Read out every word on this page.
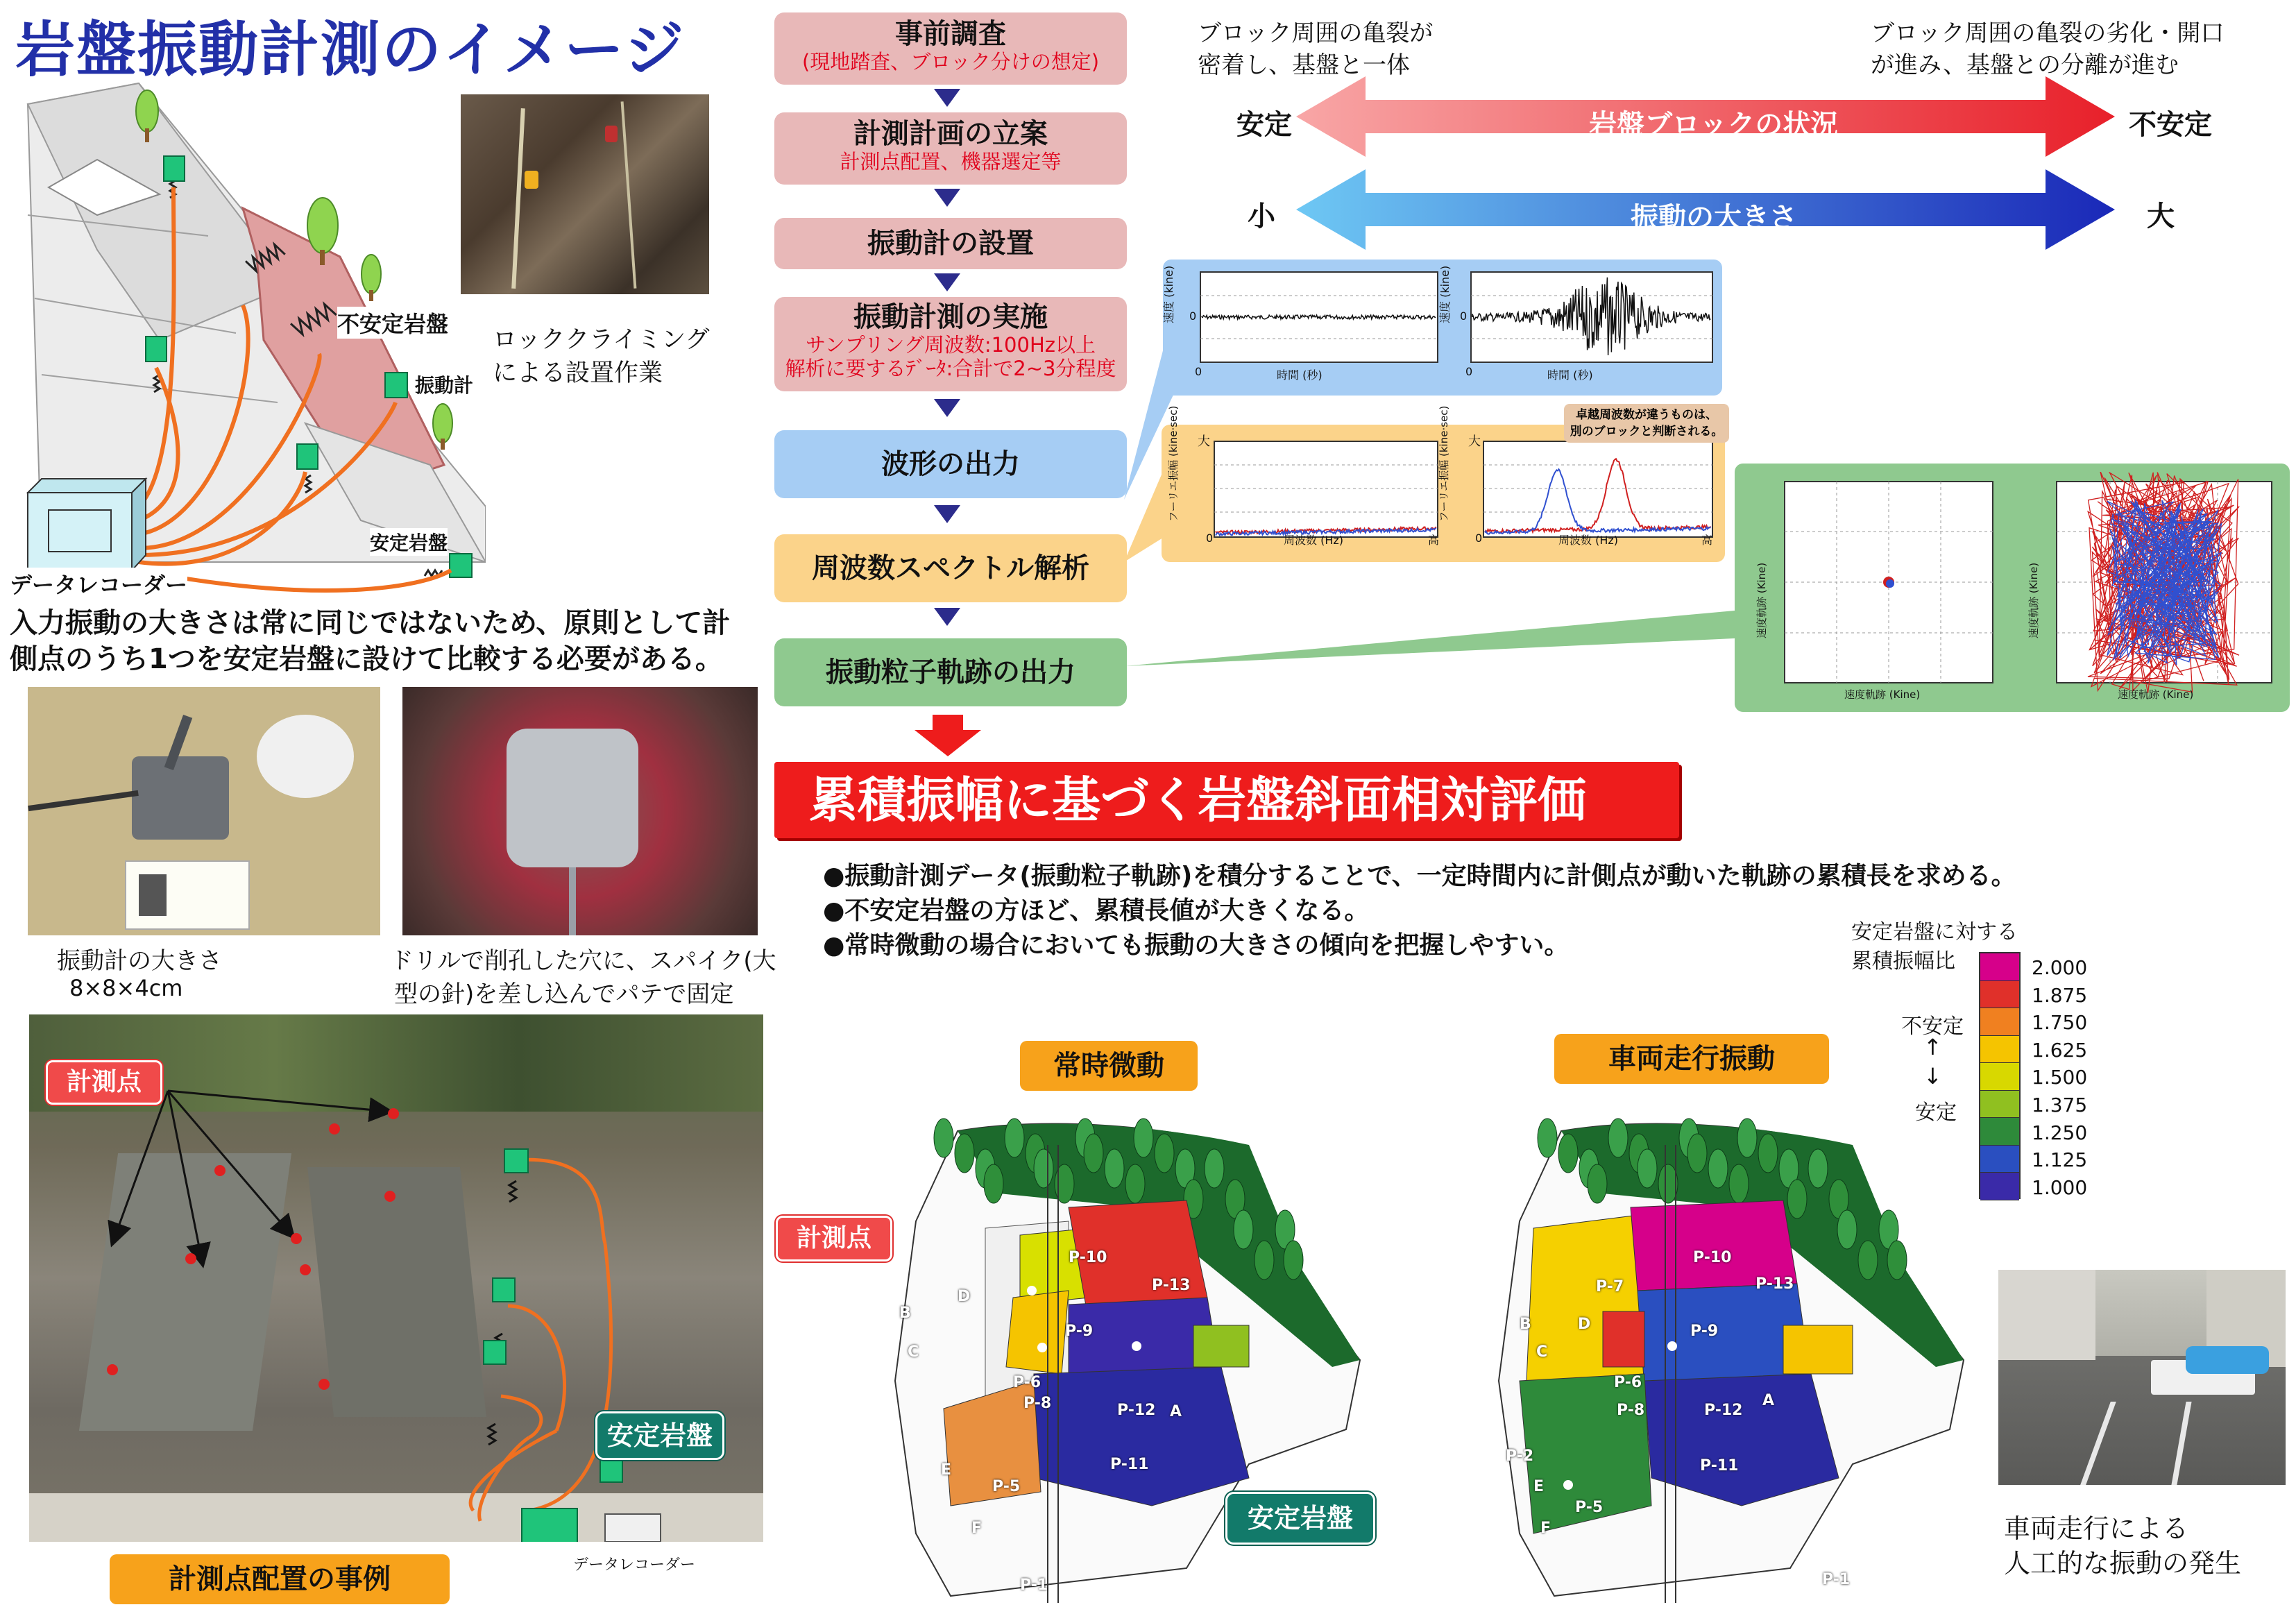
岩盤振動計測のイメージ
不安定岩盤
振動計
安定岩盤
データレコーダー
ロッククライミング
による設置作業
入力振動の大きさは常に同じではないため、原則として計
側点のうち1つを安定岩盤に設けて比較する必要がある。
振動計の大きさ
8×8×4cm
ドリルで削孔した穴に、スパイク(大
型の針)を差し込んでパテで固定
計測点
安定岩盤
データレコーダー
計測点配置の事例
事前調査
(現地踏査、ブロック分けの想定)
計測計画の立案
計測点配置、機器選定等
振動計の設置
振動計測の実施
サンプリング周波数:100Hz以上
解析に要するﾃﾞｰﾀ:合計で2~3分程度
波形の出力
周波数スペクトル解析
振動粒子軌跡の出力
ブロック周囲の亀裂が
密着し、基盤と一体
ブロック周囲の亀裂の劣化・開口
が進み、基盤との分離が進む
安定	岩盤ブロックの状況	不安定
小	振動の大きさ	大
速度 (kine) 0
時間 (秒)
0
速度 (kine) 0
時間 (秒)
0
フーリエ振幅 (kine·sec) 大
0	周波数 (Hz)	高
フーリエ振幅 (kine·sec) 大
0	周波数 (Hz)	高
卓越周波数が違うものは、
別のブロックと判断される。
速度軌跡 (Kine)
速度軌跡 (Kine)
速度軌跡 (Kine)
速度軌跡 (Kine)
累積振幅に基づく岩盤斜面相対評価
●振動計測データ(振動粒子軌跡)を積分することで、一定時間内に計側点が動いた軌跡の累積長を求める。
●不安定岩盤の方ほど、累積長値が大きくなる。
●常時微動の場合においても振動の大きさの傾向を把握しやすい。	安定岩盤に対する
累積振幅比
不安定
↑
↓
安定
2.000
1.875
1.750
1.625
1.500
1.375
1.250
1.125
1.000
常時微動	車両走行振動
P-10
P-13
P-9
P-6
P-8	P-12
P-11
P-5
A
B
C
D
E
F
P-1
P-10
P-7	P-13
P-9
P-6
P-8	P-12
P-11
P-5
P-2
A
B
C
D
E
F
P-1
計測点
安定岩盤	車両走行による
人工的な振動の発生
